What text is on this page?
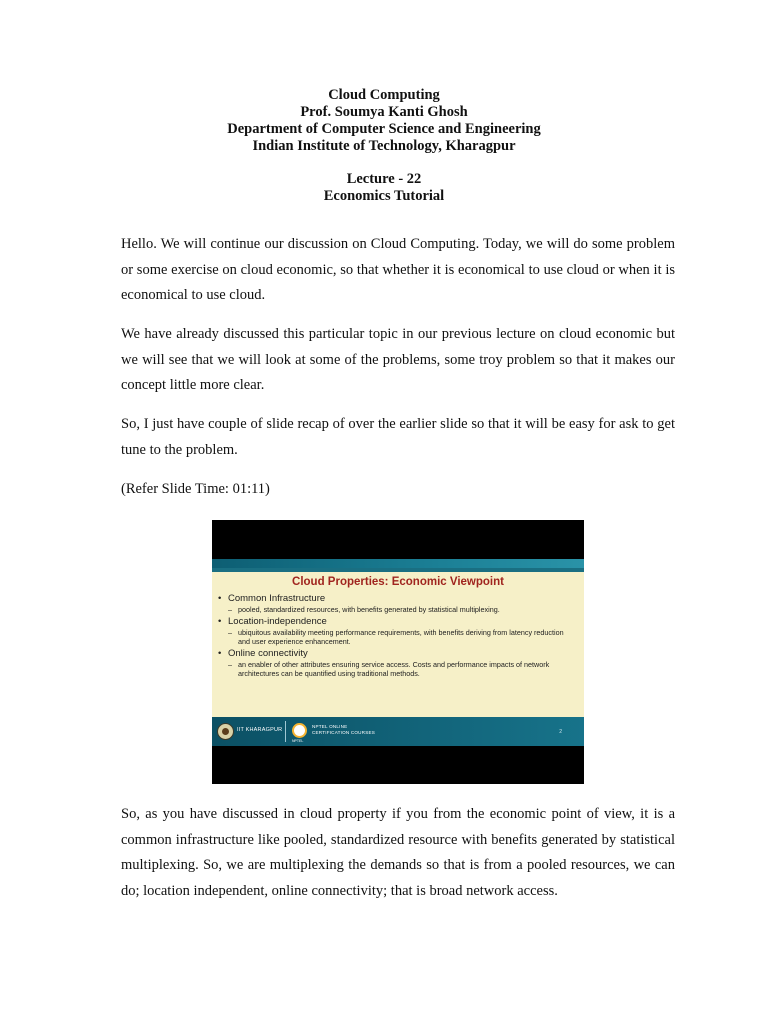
Cloud Computing
Prof. Soumya Kanti Ghosh
Department of Computer Science and Engineering
Indian Institute of Technology, Kharagpur
Lecture - 22
Economics Tutorial

Hello. We will continue our discussion on Cloud Computing. Today, we will do some problem or some exercise on cloud economic, so that whether it is economical to use cloud or when it is economical to use cloud.

We have already discussed this particular topic in our previous lecture on cloud economic but we will see that we will look at some of the problems, some troy problem so that it makes our concept little more clear.

So, I just have couple of slide recap of over the earlier slide so that it will be easy for ask to get tune to the problem.

(Refer Slide Time: 01:11)

Cloud Properties: Economic Viewpoint
• Common Infrastructure
– pooled, standardized resources, with benefits generated by statistical multiplexing.
• Location-independence
– ubiquitous availability meeting performance requirements, with benefits deriving from latency reduction and user experience enhancement.
• Online connectivity
– an enabler of other attributes ensuring service access. Costs and performance impacts of network architectures can be quantified using traditional methods.
IIT KHARAGPUR
NPTEL
NPTEL ONLINE
CERTIFICATION COURSES	2

So, as you have discussed in cloud property if you from the economic point of view, it is a common infrastructure like pooled, standardized resource with benefits generated by statistical multiplexing. So, we are multiplexing the demands so that is from a pooled resources, we can do; location independent, online connectivity; that is broad network access.
